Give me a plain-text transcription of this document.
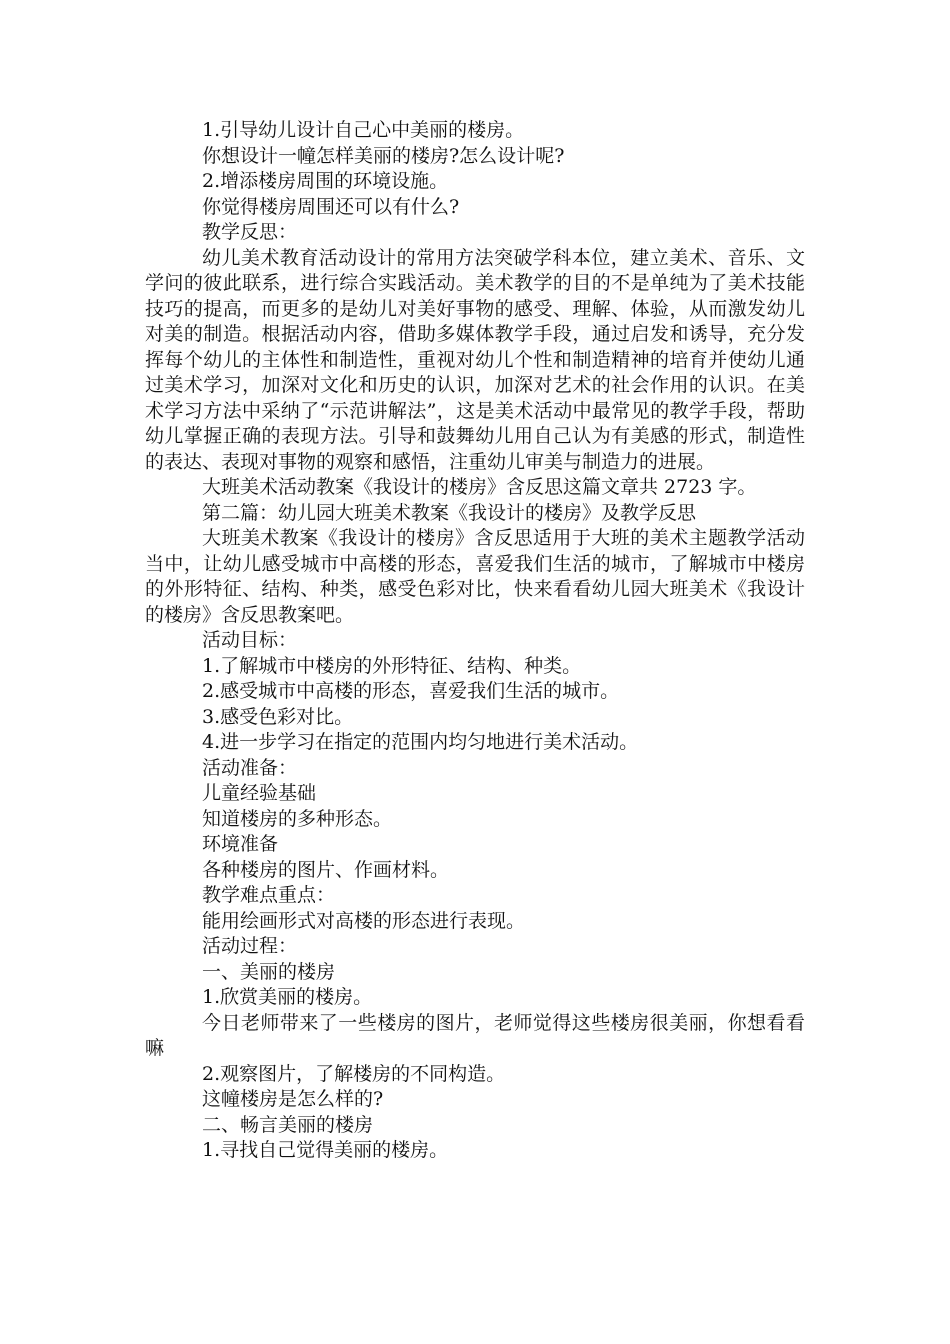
1.引导幼儿设计自己心中美丽的楼房。

你想设计一幢怎样美丽的楼房?怎么设计呢?

2.增添楼房周围的环境设施。

你觉得楼房周围还可以有什么?

教学反思：

幼儿美术教育活动设计的常用方法突破学科本位，建立美术、音乐、文学问的彼此联系，进行综合实践活动。美术教学的目的不是单纯为了美术技能技巧的提高，而更多的是幼儿对美好事物的感受、理解、体验，从而激发幼儿对美的制造。根据活动内容，借助多媒体教学手段，通过启发和诱导，充分发挥每个幼儿的主体性和制造性，重视对幼儿个性和制造精神的培育并使幼儿通过美术学习，加深对文化和历史的认识，加深对艺术的社会作用的认识。在美术学习方法中采纳了“示范讲解法”，这是美术活动中最常见的教学手段，帮助幼儿掌握正确的表现方法。引导和鼓舞幼儿用自己认为有美感的形式，制造性的表达、表现对事物的观察和感悟，注重幼儿审美与制造力的进展。

大班美术活动教案《我设计的楼房》含反思这篇文章共 2723 字。

第二篇：幼儿园大班美术教案《我设计的楼房》及教学反思

大班美术教案《我设计的楼房》含反思适用于大班的美术主题教学活动当中，让幼儿感受城市中高楼的形态，喜爱我们生活的城市，了解城市中楼房的外形特征、结构、种类，感受色彩对比，快来看看幼儿园大班美术《我设计的楼房》含反思教案吧。

活动目标：

1.了解城市中楼房的外形特征、结构、种类。

2.感受城市中高楼的形态，喜爱我们生活的城市。

3.感受色彩对比。

4.进一步学习在指定的范围内均匀地进行美术活动。

活动准备：

儿童经验基础

知道楼房的多种形态。

环境准备

各种楼房的图片、作画材料。

教学难点重点：

能用绘画形式对高楼的形态进行表现。

活动过程：

一、美丽的楼房

1.欣赏美丽的楼房。

今日老师带来了一些楼房的图片，老师觉得这些楼房很美丽，你想看看嘛

2.观察图片，了解楼房的不同构造。

这幢楼房是怎么样的?

二、畅言美丽的楼房

1.寻找自己觉得美丽的楼房。
